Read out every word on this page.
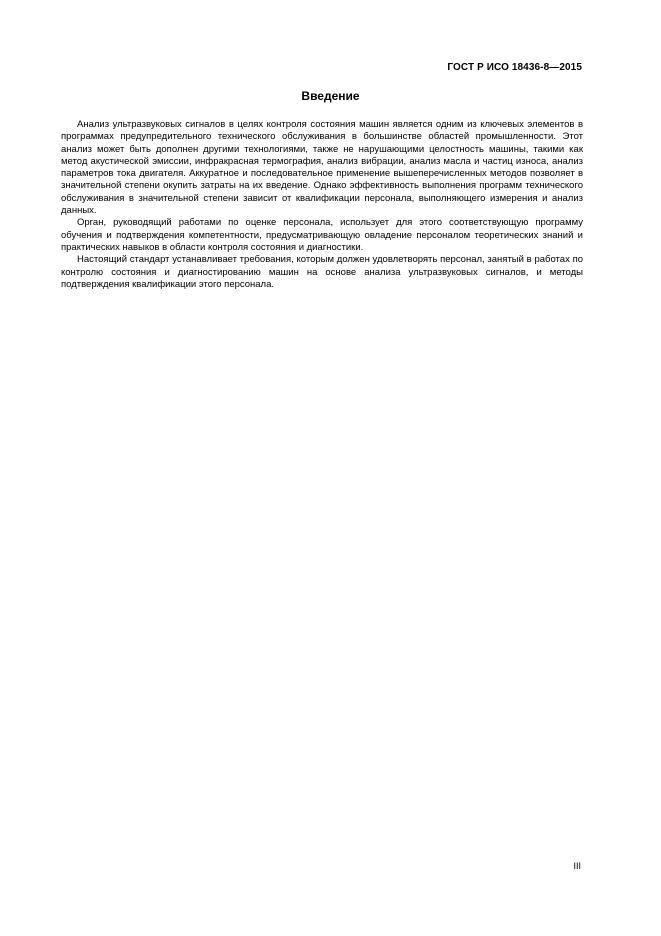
ГОСТ Р ИСО 18436-8—2015
Введение

Анализ ультразвуковых сигналов в целях контроля состояния машин является одним из ключевых элементов в программах предупредительного технического обслуживания в большинстве областей промышленности. Этот анализ может быть дополнен другими технологиями, также не нарушающими целостность машины, такими как метод акустической эмиссии, инфракрасная термография, анализ вибрации, анализ масла и частиц износа, анализ параметров тока двигателя. Аккуратное и последовательное применение вышеперечисленных методов позволяет в значительной степени окупить затраты на их введение. Однако эффективность выполнения программ технического обслуживания в значительной степени зависит от квалификации персонала, выполняющего измерения и анализ данных.

Орган, руководящий работами по оценке персонала, использует для этого соответствующую программу обучения и подтверждения компетентности, предусматривающую овладение персоналом теоретических знаний и практических навыков в области контроля состояния и диагностики.

Настоящий стандарт устанавливает требования, которым должен удовлетворять персонал, занятый в работах по контролю состояния и диагностированию машин на основе анализа ультразвуковых сигналов, и методы подтверждения квалификации этого персонала.

III
